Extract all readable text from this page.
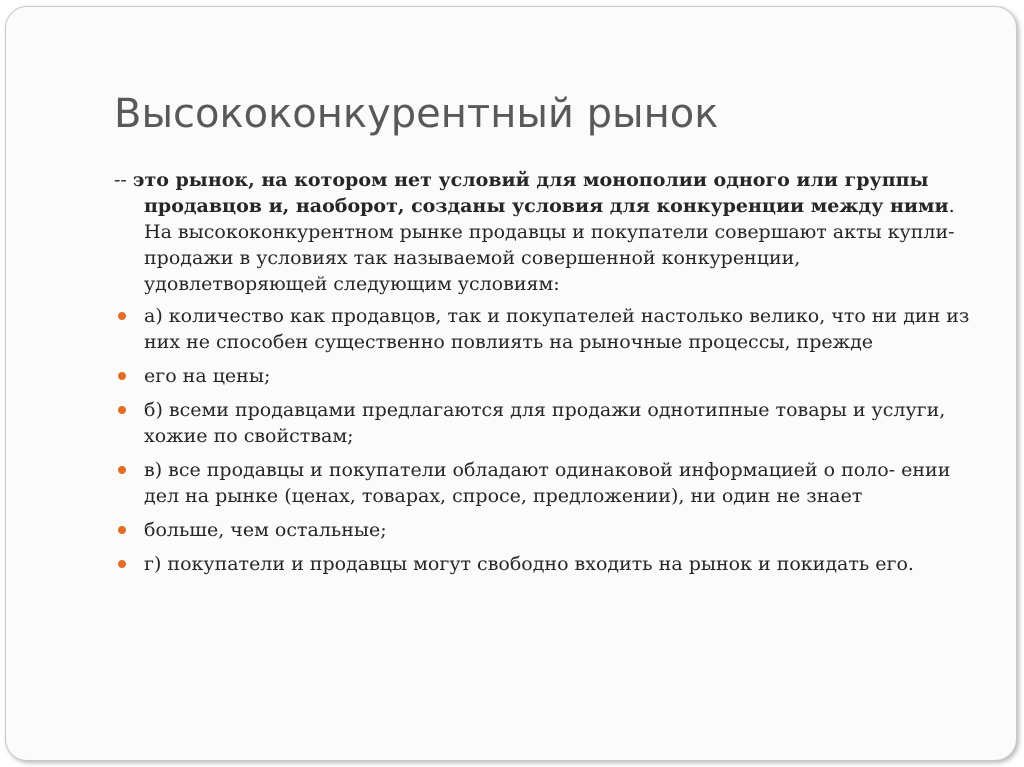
Высококонкурентный рынок

-- это рынок, на котором нет условий для монополии одного или группы продавцов и, наоборот, созданы условия для конкуренции между ними. На высококонкурентном рынке продавцы и покупатели совершают акты купли-продажи в условиях так называемой совершенной конкуренции, удовлетворяющей следующим условиям:

а) количество как продавцов, так и покупателей настолько велико, что ни дин из них не способен существенно повлиять на рыночные процессы, прежде
его на цены;
б) всеми продавцами предлагаются для продажи однотипные товары и услуги, хожие по свойствам;
в) все продавцы и покупатели обладают одинаковой информацией о поло- ении дел на рынке (ценах, товарах, спросе, предложении), ни один не знает
больше, чем остальные;
г) покупатели и продавцы могут свободно входить на рынок и покидать его.
